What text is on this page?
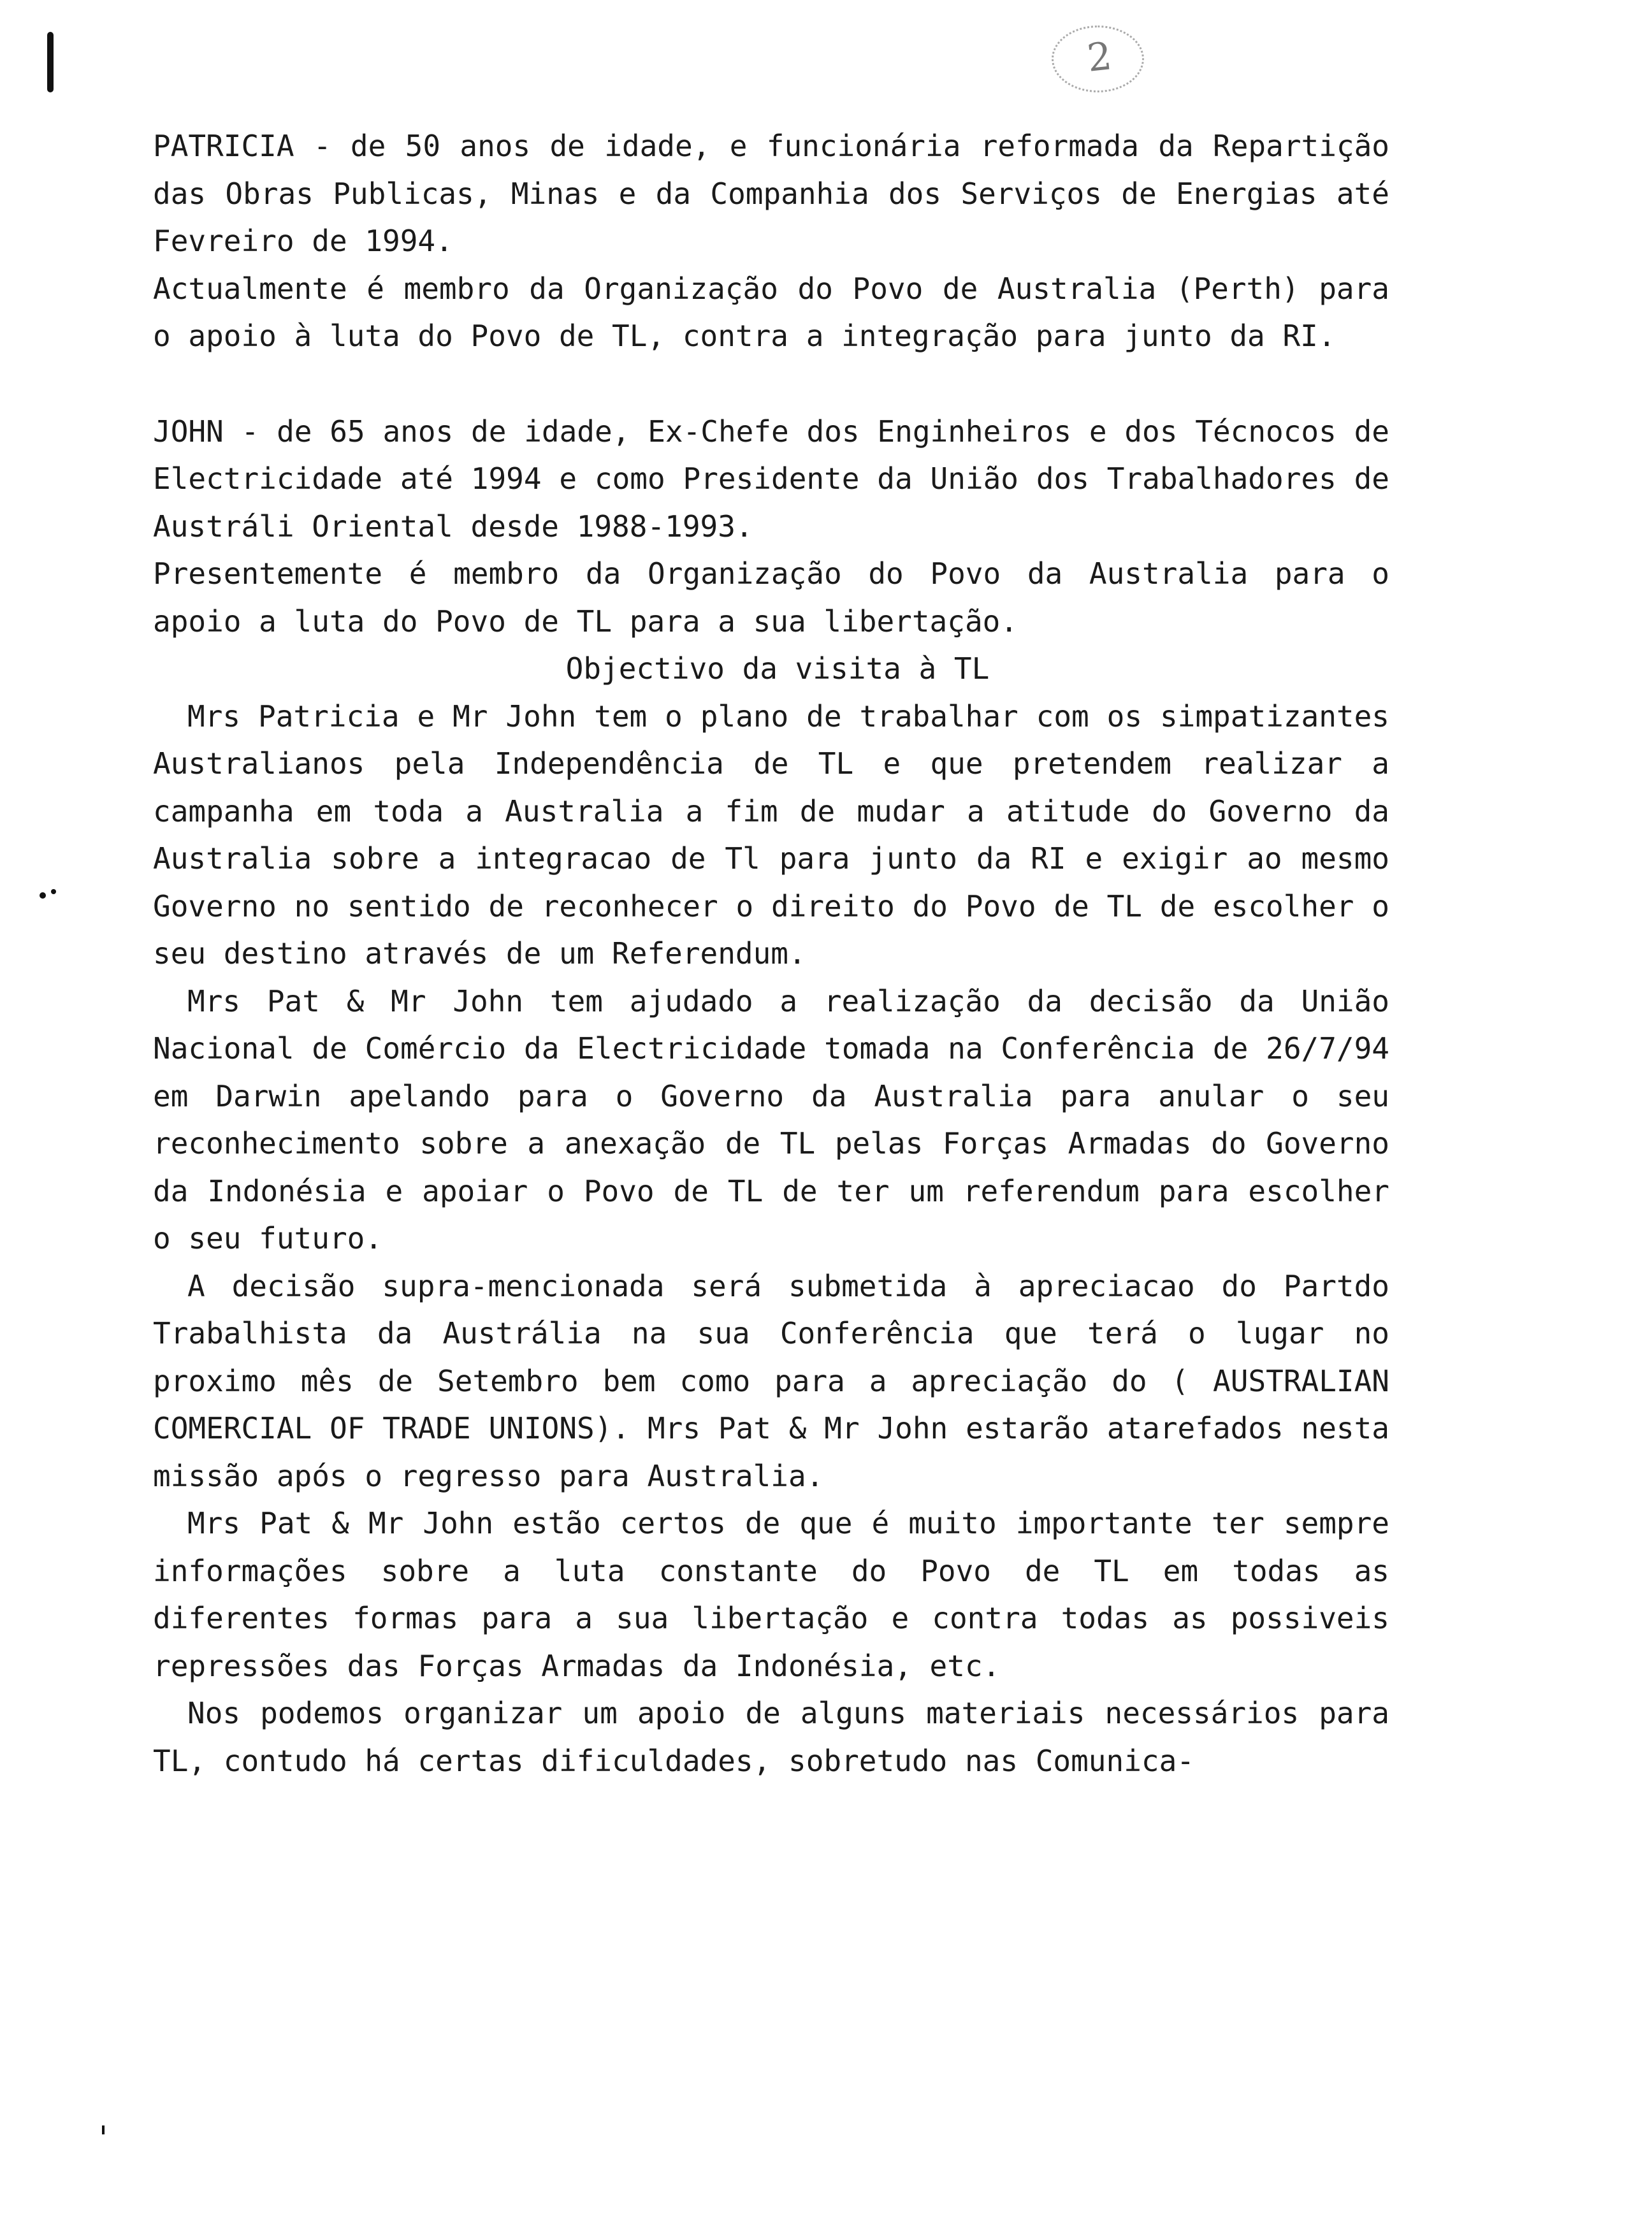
2

PATRICIA - de 50 anos de idade, e funcionária reformada da Repartição das Obras Publicas, Minas e da Companhia dos Serviços de Energias até Fevreiro de 1994.
Actualmente é membro da Organização do Povo de Australia (Perth) para o apoio à luta do Povo de TL, contra a integração para junto da RI.

JOHN - de 65 anos de idade, Ex-Chefe dos Enginheiros e dos Técnocos de Electricidade até 1994 e como Presidente da União dos Trabalhadores de Austráli Oriental desde 1988-1993.
Presentemente é membro da Organização do Povo da Australia para o apoio a luta do Povo de TL para a sua libertação.

Objectivo da visita à TL

Mrs Patricia e Mr John tem o plano de trabalhar com os simpatizantes Australianos pela Independência de TL e que pretendem realizar a campanha em toda a Australia a fim de mudar a atitude do Governo da Australia sobre a integracao de Tl para junto da RI e exigir ao mesmo Governo no sentido de reconhecer o direito do Povo de TL de escolher o seu destino através de um Referendum.

Mrs Pat & Mr John tem ajudado a realização da decisão da União Nacional de Comércio da Electricidade tomada na Conferência de 26/7/94 em Darwin apelando para o Governo da Australia para anular o seu reconhecimento sobre a anexação de TL pelas Forças Armadas do Governo da Indonésia e apoiar o Povo de TL de ter um referendum para escolher o seu futuro.

A decisão supra-mencionada será submetida à apreciacao do Partdo Trabalhista da Austrália na sua Conferência que terá o lugar no proximo mês de Setembro bem como para a apreciação do ( AUSTRALIAN COMERCIAL OF TRADE UNIONS). Mrs Pat & Mr John estarão atarefados nesta missão após o regresso para Australia.

Mrs Pat & Mr John estão certos de que é muito importante ter sempre informações sobre a luta constante do Povo de TL em todas as diferentes formas para a sua libertação e contra todas as possiveis repressões das Forças Armadas da Indonésia, etc.

Nos podemos organizar um apoio de alguns materiais necessários para TL, contudo há certas dificuldades, sobretudo nas Comunica-
